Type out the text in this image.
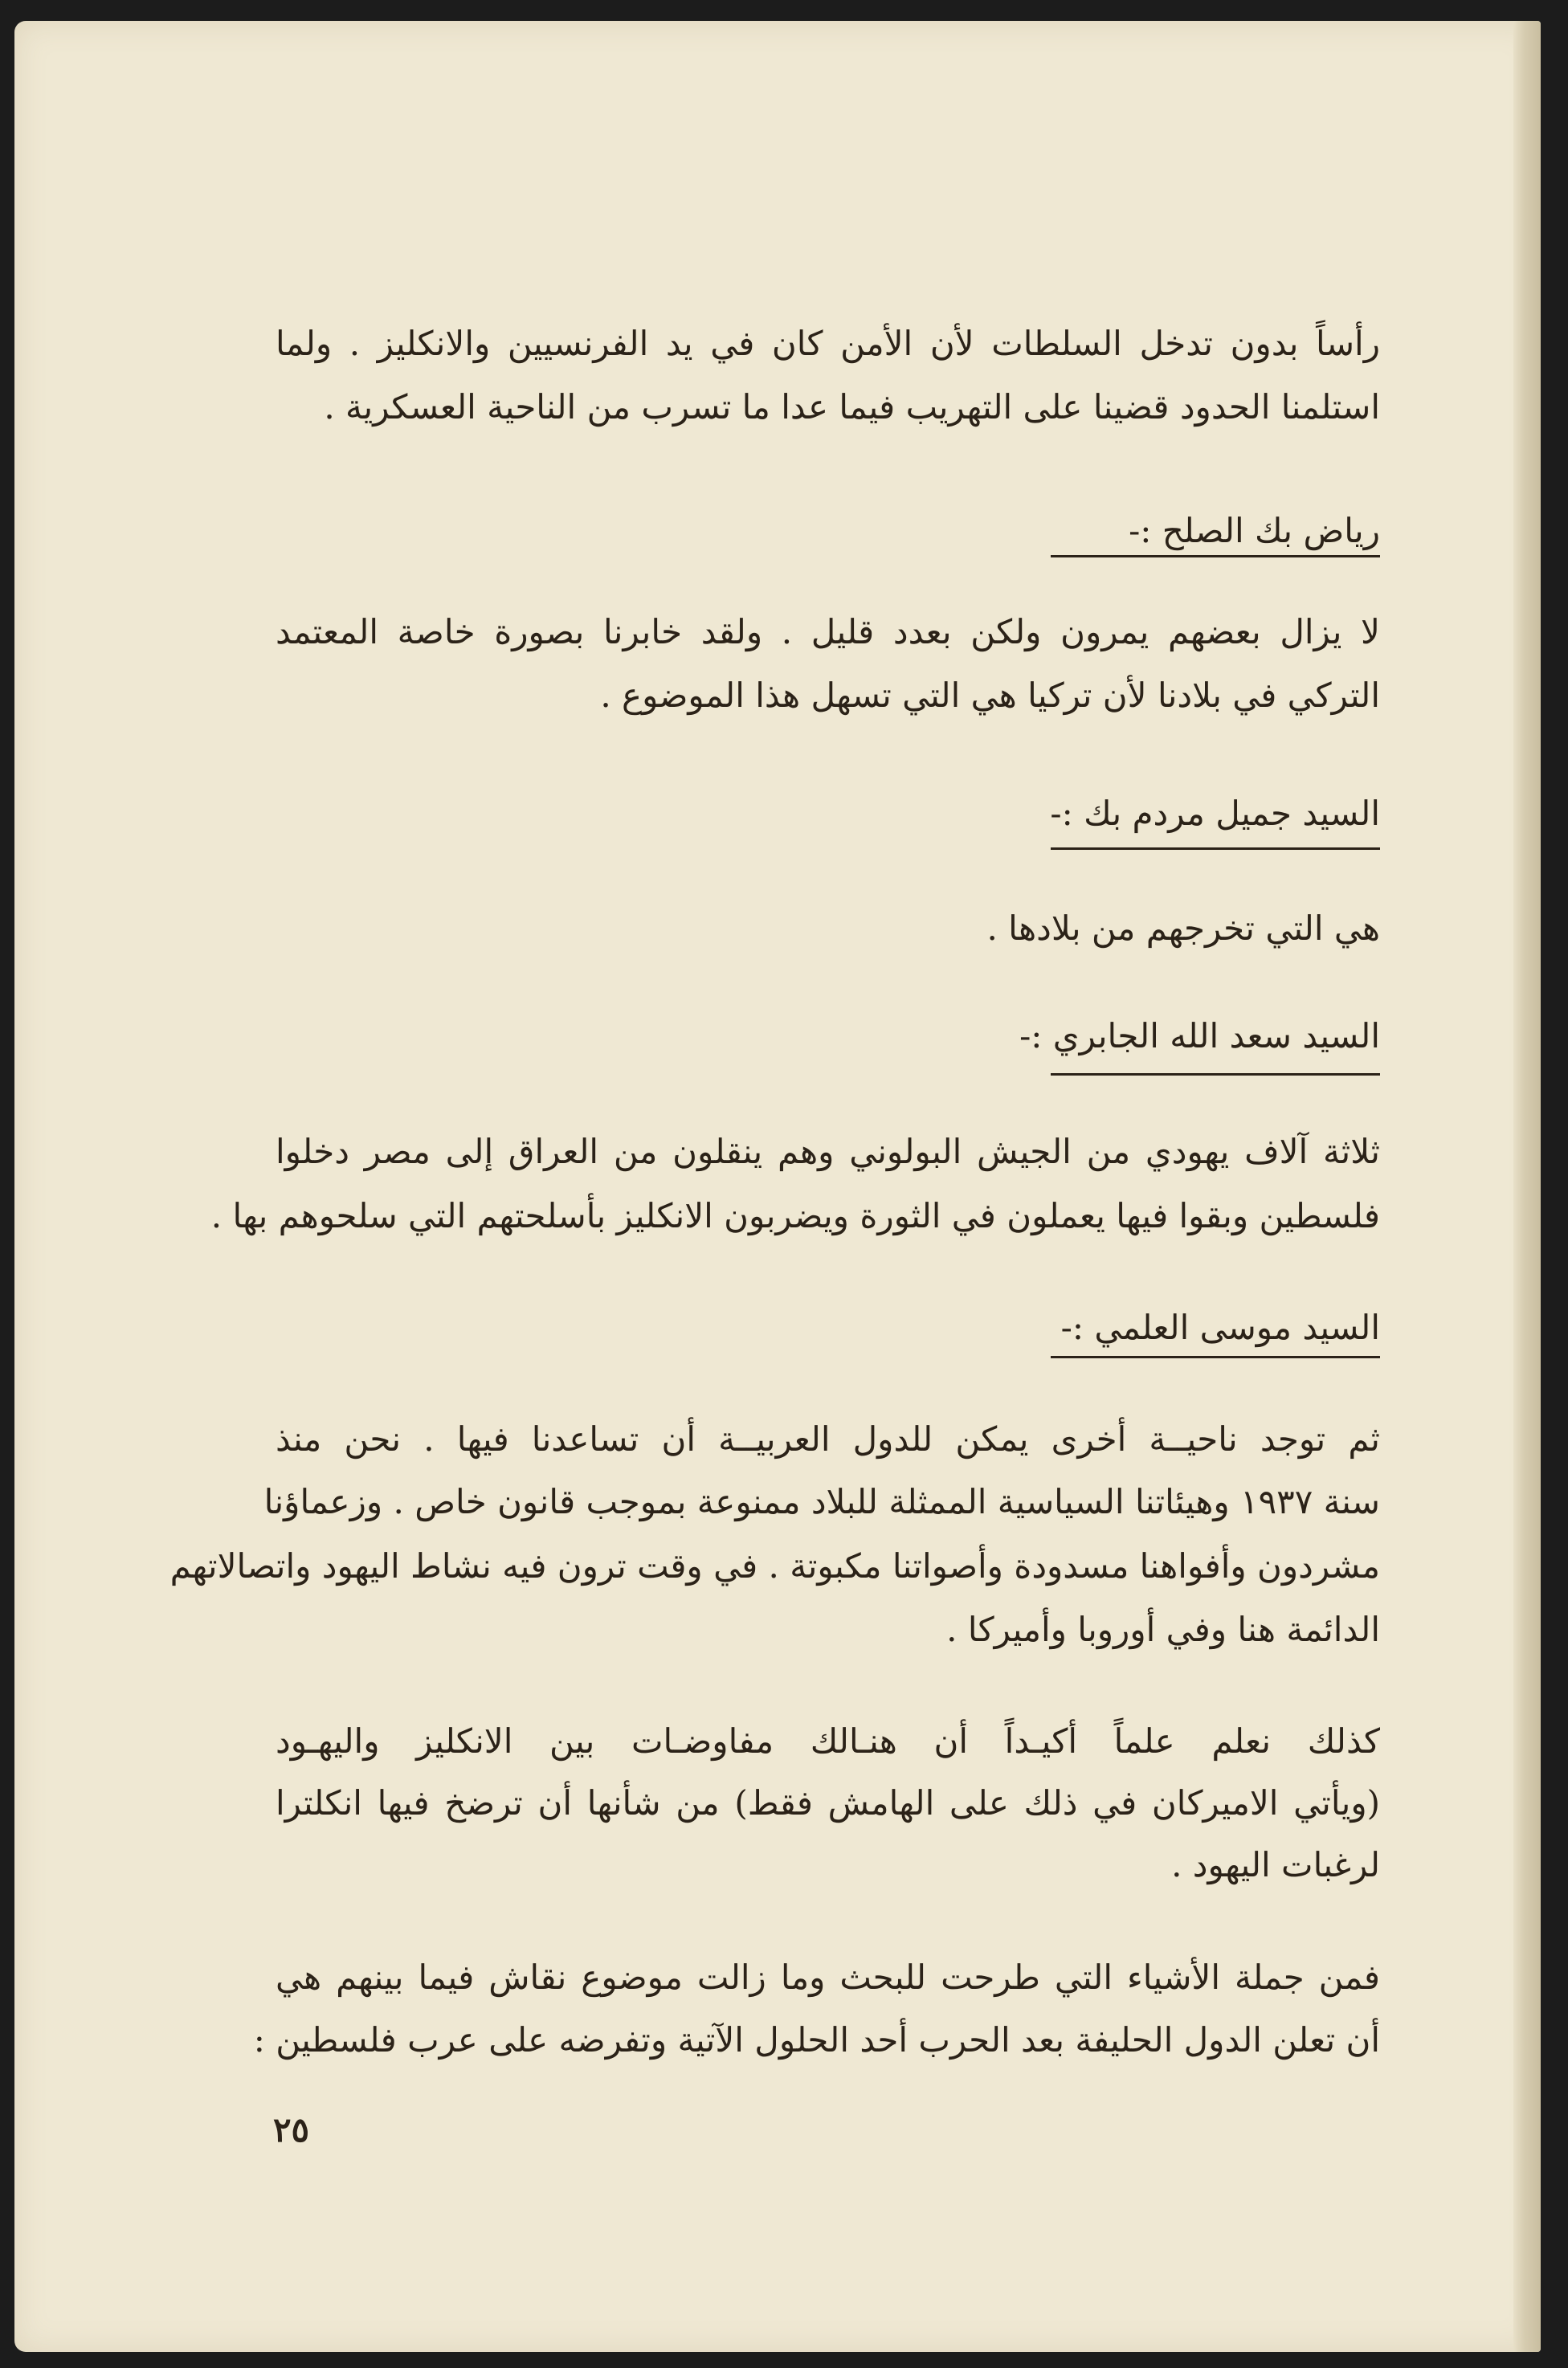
رأساً بدون تدخل السلطات لأن الأمن كان في يد الفرنسيين والانكليز . ولما
استلمنا الحدود قضينا على التهريب فيما عدا ما تسرب من الناحية العسكرية .
رياض بك الصلح :-
لا يزال بعضهم يمرون ولكن بعدد قليل . ولقد خابرنا بصورة خاصة المعتمد
التركي في بلادنا لأن تركيا هي التي تسهل هذا الموضوع .
السيد جميل مردم بك :-
هي التي تخرجهم من بلادها .
السيد سعد الله الجابري :-
ثلاثة آلاف يهودي من الجيش البولوني وهم ينقلون من العراق إلى مصر دخلوا
فلسطين وبقوا فيها يعملون في الثورة ويضربون الانكليز بأسلحتهم التي سلحوهم بها .
السيد موسى العلمي :-
ثم توجد ناحيــة أخرى يمكن للدول العربيــة أن تساعدنا فيها . نحن منذ
سنة ١٩٣٧ وهيئاتنا السياسية الممثلة للبلاد ممنوعة بموجب قانون خاص . وزعماؤنا
مشردون وأفواهنا مسدودة وأصواتنا مكبوتة . في وقت ترون فيه نشاط اليهود واتصالاتهم
الدائمة هنا وفي أوروبا وأميركا .
كذلك نعلم علماً أكيـداً أن هنـالك مفاوضـات بين الانكليز واليهـود
(ويأتي الاميركان في ذلك على الهامش فقط) من شأنها أن ترضخ فيها انكلترا
لرغبات اليهود .
فمن جملة الأشياء التي طرحت للبحث وما زالت موضوع نقاش فيما بينهم هي
أن تعلن الدول الحليفة بعد الحرب أحد الحلول الآتية وتفرضه على عرب فلسطين :
٢٥
